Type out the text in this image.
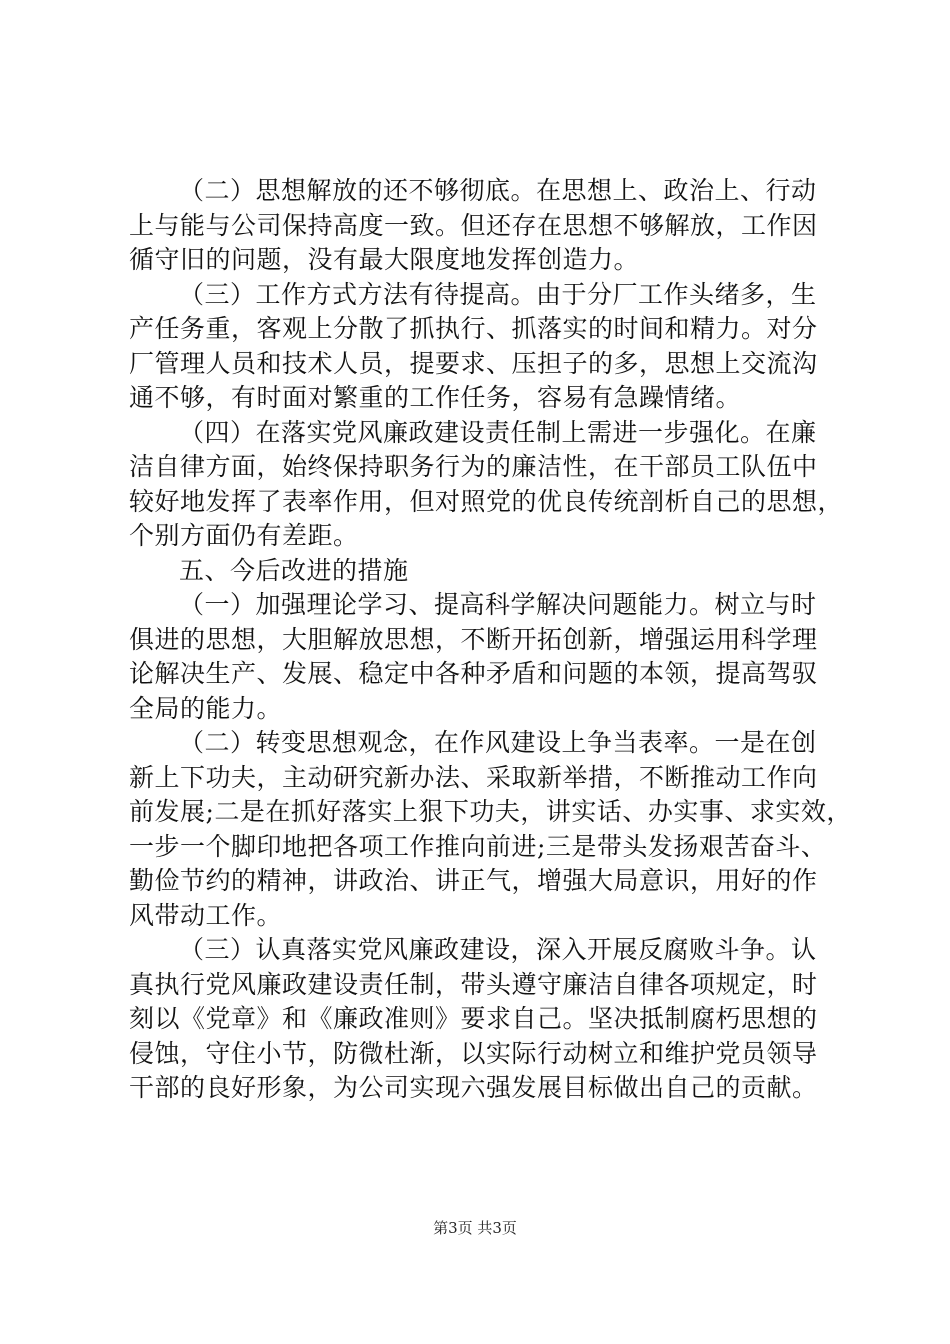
（二）思想解放的还不够彻底。在思想上、政治上、行动
上与能与公司保持高度一致。但还存在思想不够解放，工作因
循守旧的问题，没有最大限度地发挥创造力。
（三）工作方式方法有待提高。由于分厂工作头绪多，生
产任务重，客观上分散了抓执行、抓落实的时间和精力。对分
厂管理人员和技术人员，提要求、压担子的多，思想上交流沟
通不够，有时面对繁重的工作任务，容易有急躁情绪。
（四）在落实党风廉政建设责任制上需进一步强化。在廉
洁自律方面，始终保持职务行为的廉洁性，在干部员工队伍中
较好地发挥了表率作用，但对照党的优良传统剖析自己的思想，
个别方面仍有差距。
五、今后改进的措施
（一）加强理论学习、提高科学解决问题能力。树立与时
俱进的思想，大胆解放思想，不断开拓创新，增强运用科学理
论解决生产、发展、稳定中各种矛盾和问题的本领，提高驾驭
全局的能力。
（二）转变思想观念，在作风建设上争当表率。一是在创
新上下功夫，主动研究新办法、采取新举措，不断推动工作向
前发展;二是在抓好落实上狠下功夫，讲实话、办实事、求实效，
一步一个脚印地把各项工作推向前进;三是带头发扬艰苦奋斗、
勤俭节约的精神，讲政治、讲正气，增强大局意识，用好的作
风带动工作。
（三）认真落实党风廉政建设，深入开展反腐败斗争。认
真执行党风廉政建设责任制，带头遵守廉洁自律各项规定，时
刻以《党章》和《廉政准则》要求自己。坚决抵制腐朽思想的
侵蚀，守住小节，防微杜渐，以实际行动树立和维护党员领导
干部的良好形象，为公司实现六强发展目标做出自己的贡献。
第3页 共3页
